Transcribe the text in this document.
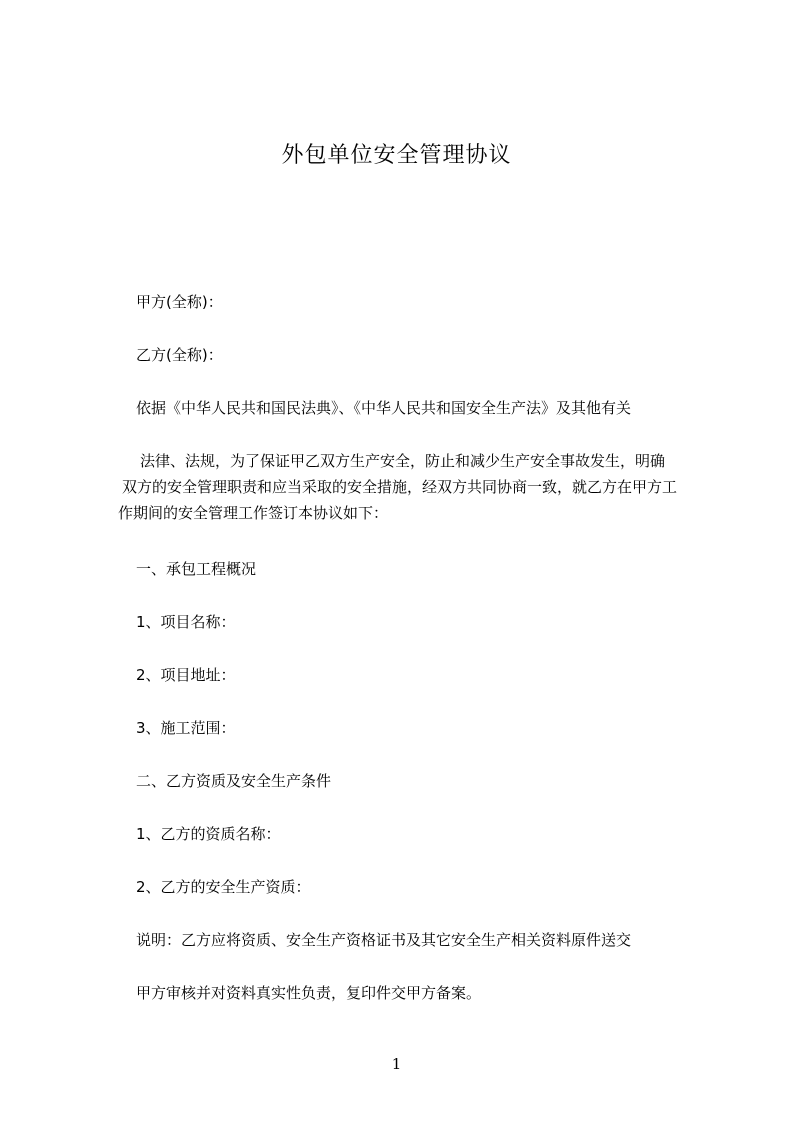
外包单位安全管理协议

甲方(全称)：

乙方(全称)：

依据《中华人民共和国民法典》、《中华人民共和国安全生产法》及其他有关

法律、法规，为了保证甲乙双方生产安全，防止和减少生产安全事故发生，明确
双方的安全管理职责和应当采取的安全措施，经双方共同协商一致，就乙方在甲方工
作期间的安全管理工作签订本协议如下：

一、承包工程概况

1、项目名称：

2、项目地址：

3、施工范围：

二、乙方资质及安全生产条件

1、乙方的资质名称：

2、乙方的安全生产资质：

说明：乙方应将资质、安全生产资格证书及其它安全生产相关资料原件送交

甲方审核并对资料真实性负责，复印件交甲方备案。

1
